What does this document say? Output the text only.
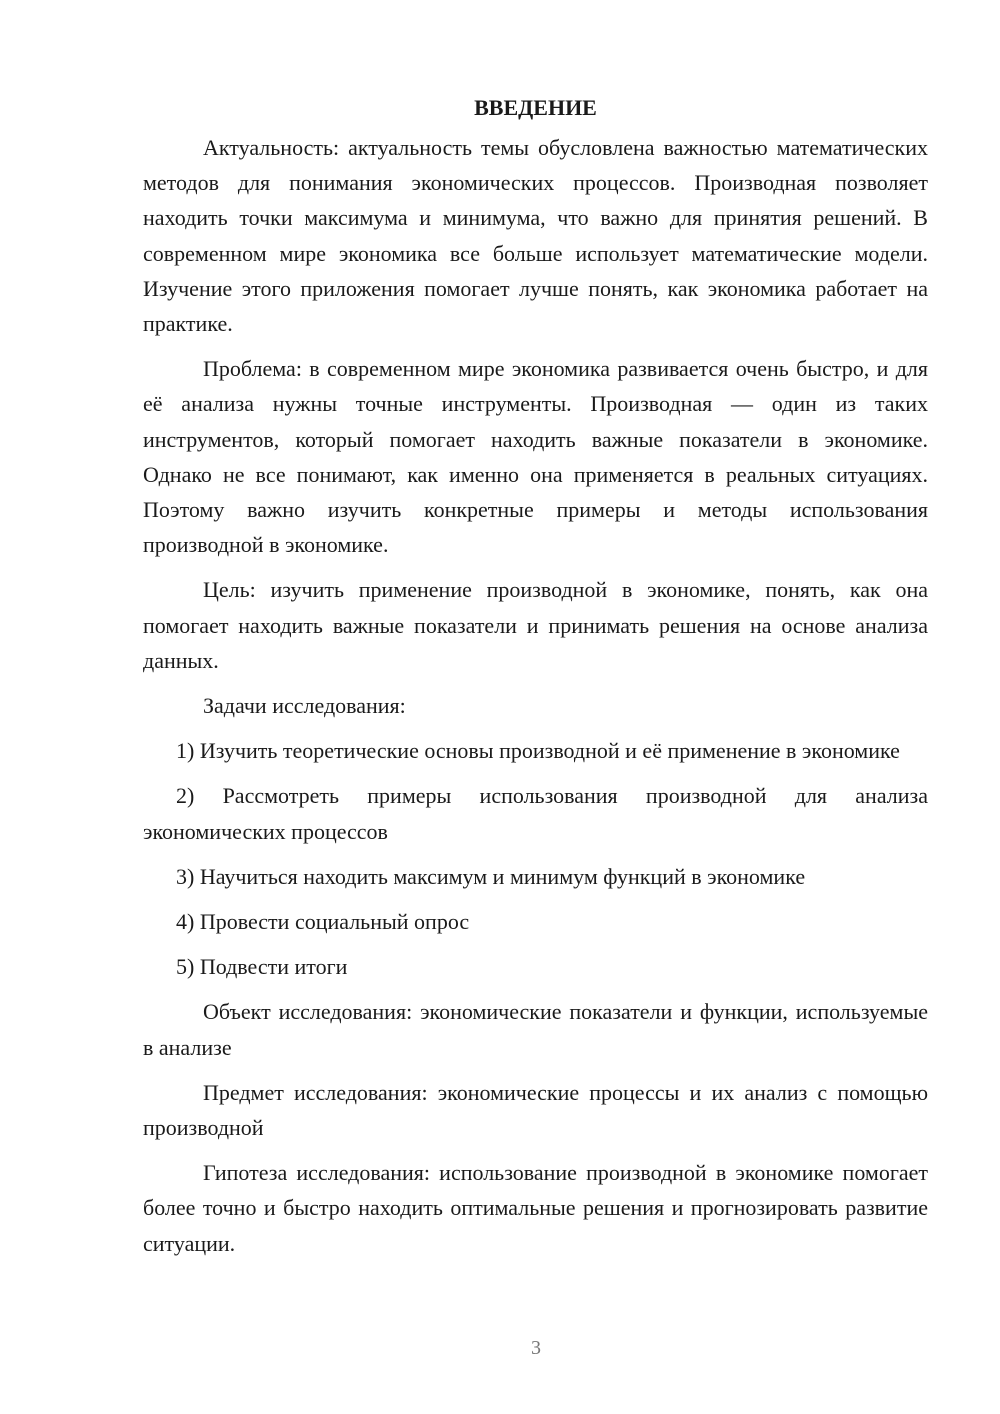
ВВЕДЕНИЕ

Актуальность: актуальность темы обусловлена важностью математических методов для понимания экономических процессов. Производная позволяет находить точки максимума и минимума, что важно для принятия решений. В современном мире экономика все больше использует математические модели. Изучение этого приложения помогает лучше понять, как экономика работает на практике.

Проблема: в современном мире экономика развивается очень быстро, и для её анализа нужны точные инструменты. Производная — один из таких инструментов, который помогает находить важные показатели в экономике. Однако не все понимают, как именно она применяется в реальных ситуациях. Поэтому важно изучить конкретные примеры и методы использования производной в экономике.

Цель: изучить применение производной в экономике, понять, как она помогает находить важные показатели и принимать решения на основе анализа данных.

Задачи исследования:

1) Изучить теоретические основы производной и её применение в экономике

2) Рассмотреть примеры использования производной для анализа экономических процессов

3) Научиться находить максимум и минимум функций в экономике

4) Провести социальный опрос

5) Подвести итоги

Объект исследования: экономические показатели и функции, используемые в анализе

Предмет исследования: экономические процессы и их анализ с помощью производной

Гипотеза исследования: использование производной в экономике помогает более точно и быстро находить оптимальные решения и прогнозировать развитие ситуации.

3
